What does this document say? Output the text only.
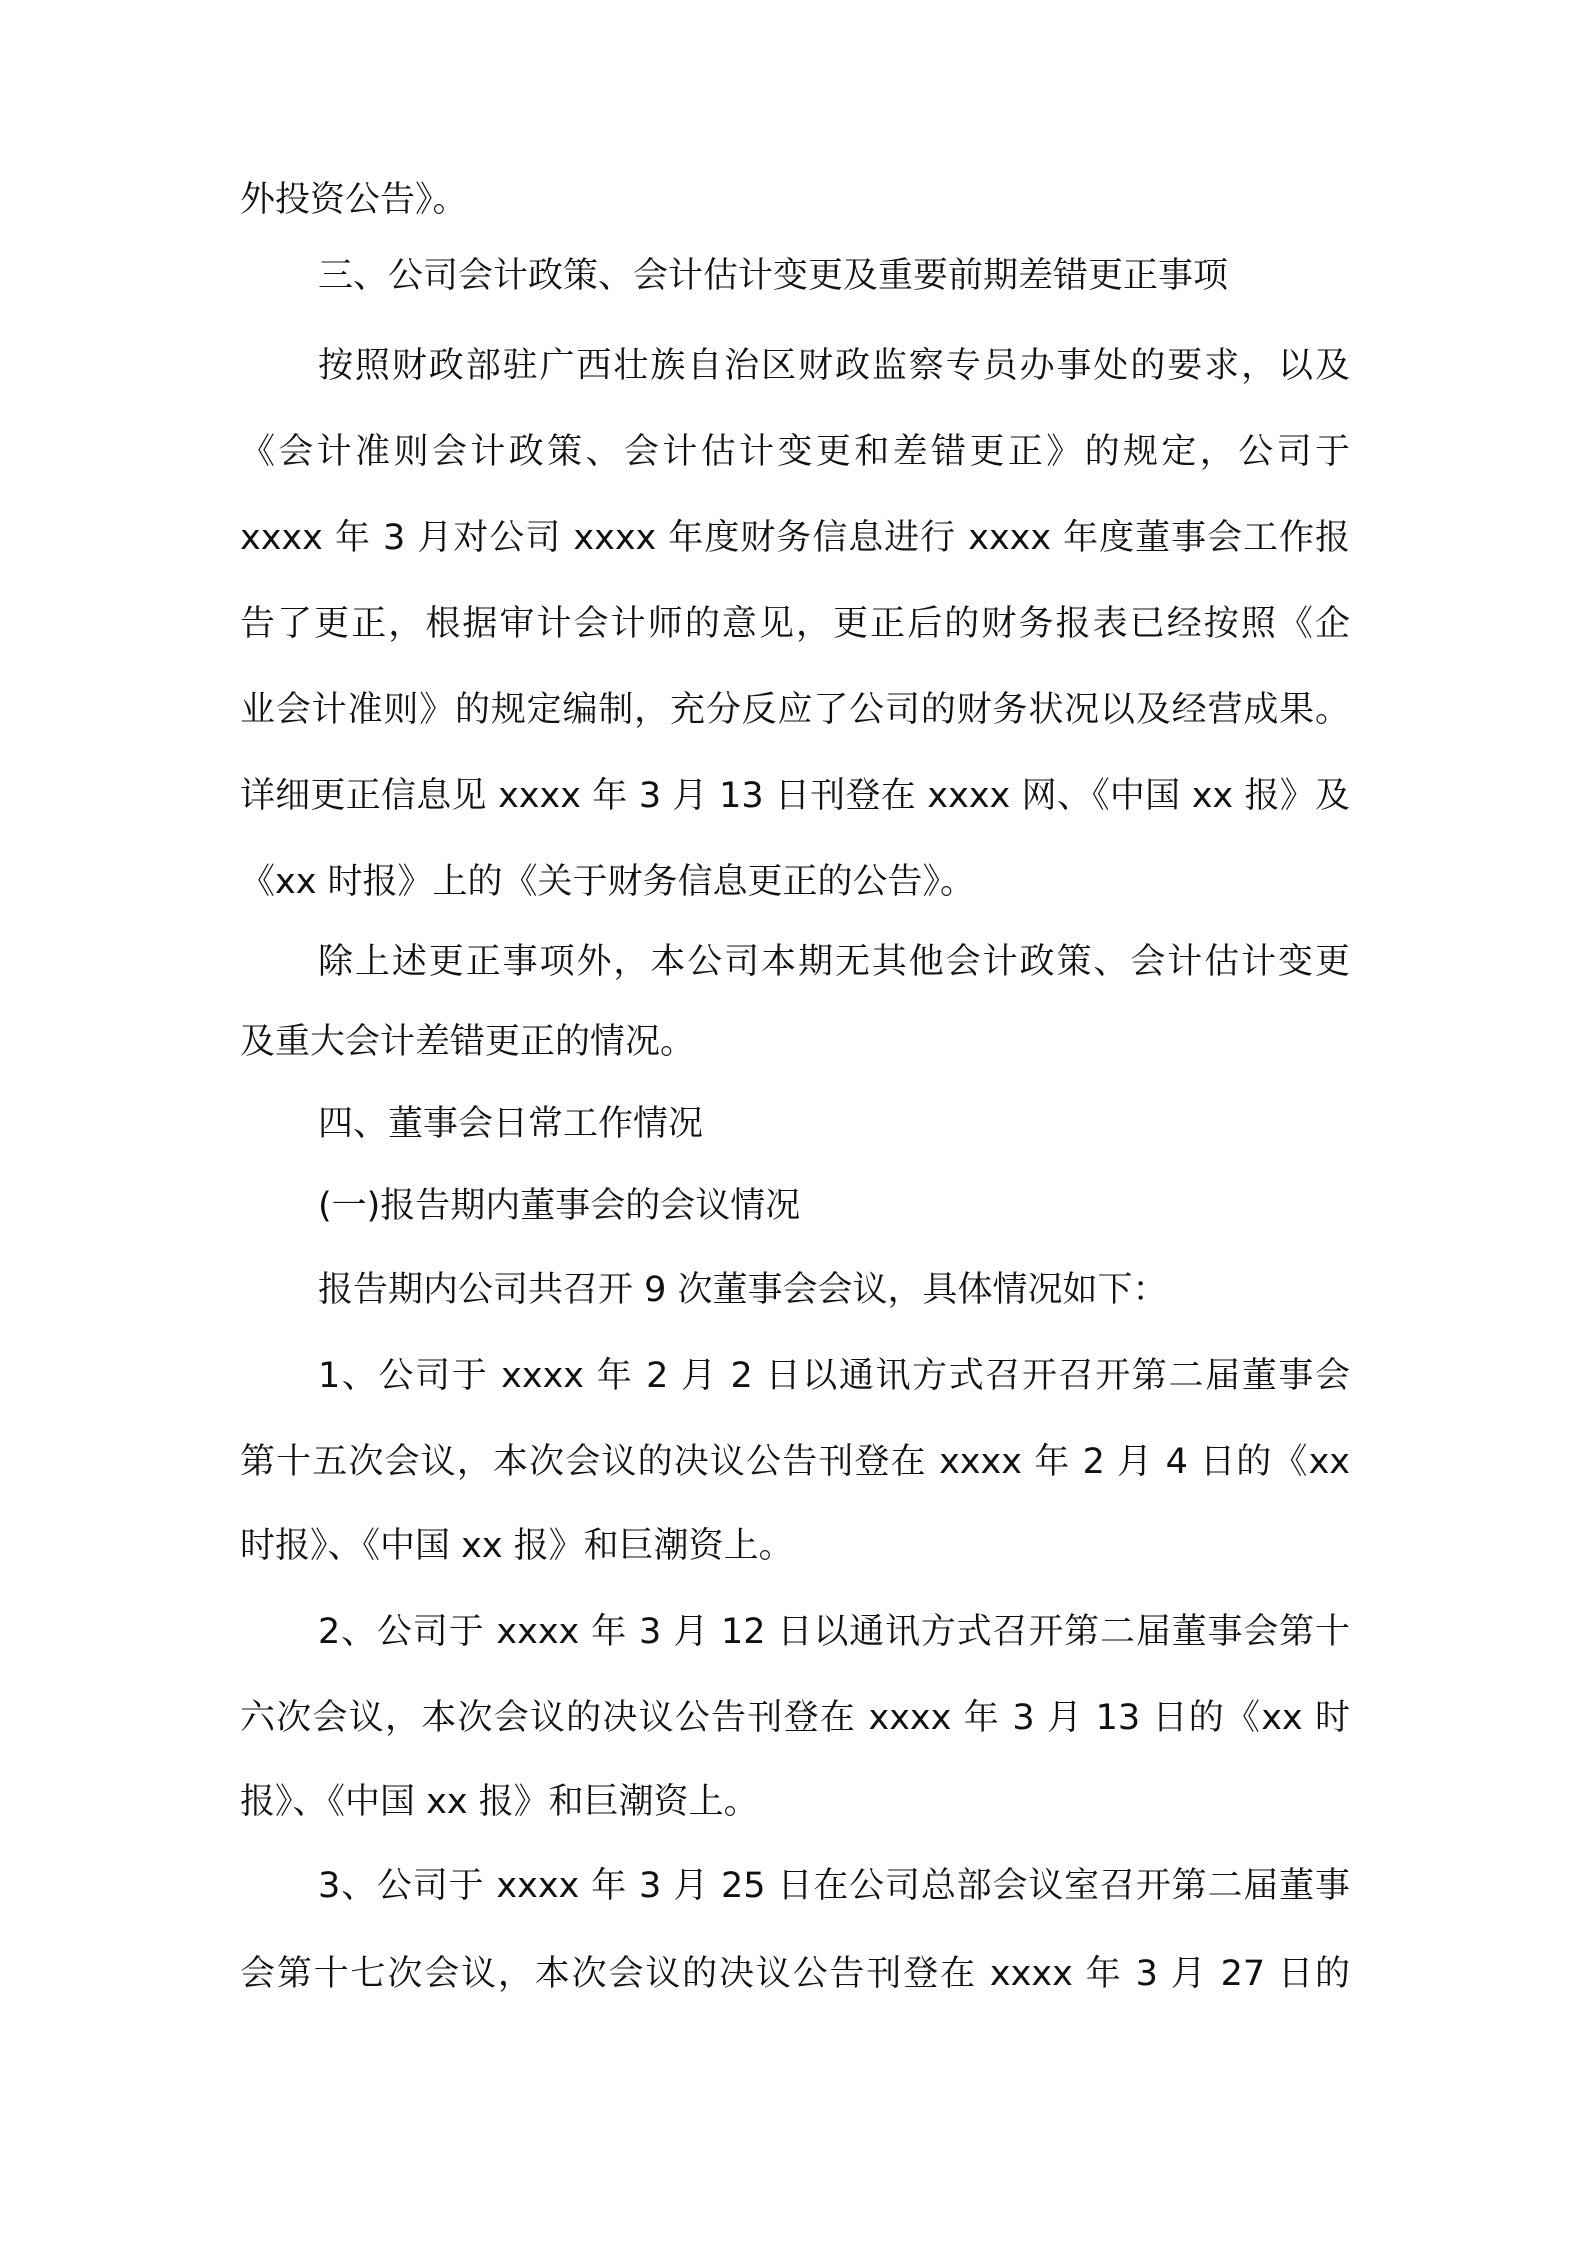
外投资公告》。

三、公司会计政策、会计估计变更及重要前期差错更正事项

按照财政部驻广西壮族自治区财政监察专员办事处的要求，以及

《会计准则会计政策、会计估计变更和差错更正》的规定，公司于

xxxx 年 3 月对公司 xxxx 年度财务信息进行 xxxx 年度董事会工作报

告了更正，根据审计会计师的意见，更正后的财务报表已经按照《企

业会计准则》的规定编制，充分反应了公司的财务状况以及经营成果。

详细更正信息见 xxxx 年 3 月 13 日刊登在 xxxx 网、《中国 xx 报》及

《xx 时报》上的《关于财务信息更正的公告》。

除上述更正事项外，本公司本期无其他会计政策、会计估计变更

及重大会计差错更正的情况。

四、董事会日常工作情况

(一)报告期内董事会的会议情况

报告期内公司共召开 9 次董事会会议，具体情况如下：

1、公司于 xxxx 年 2 月 2 日以通讯方式召开召开第二届董事会

第十五次会议，本次会议的决议公告刊登在 xxxx 年 2 月 4 日的《xx

时报》、《中国 xx 报》和巨潮资上。

2、公司于 xxxx 年 3 月 12 日以通讯方式召开第二届董事会第十

六次会议，本次会议的决议公告刊登在 xxxx 年 3 月 13 日的《xx 时

报》、《中国 xx 报》和巨潮资上。

3、公司于 xxxx 年 3 月 25 日在公司总部会议室召开第二届董事

会第十七次会议，本次会议的决议公告刊登在 xxxx 年 3 月 27 日的
